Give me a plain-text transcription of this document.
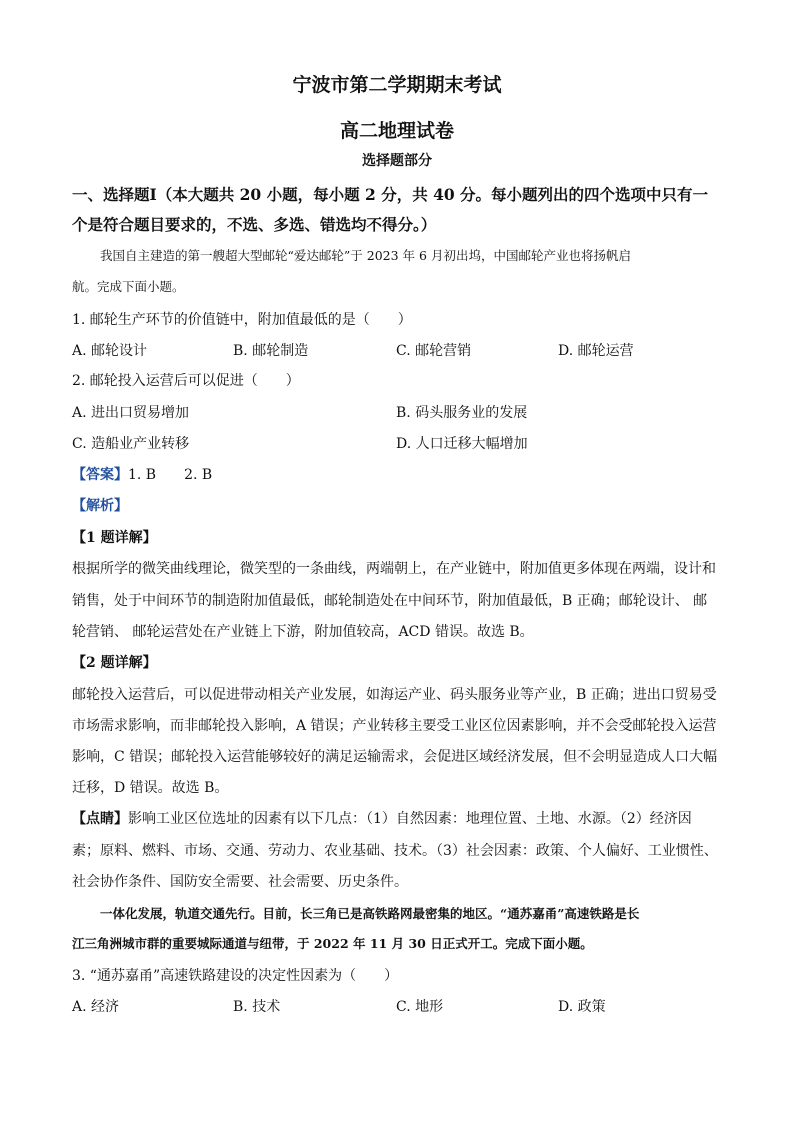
宁波市第二学期期末考试
高二地理试卷
选择题部分
一、选择题Ⅰ（本大题共 20 小题，每小题 2 分，共 40 分。每小题列出的四个选项中只有一
个是符合题目要求的，不选、多选、错选均不得分。）
我国自主建造的第一艘超大型邮轮“爱达邮轮”于 2023 年 6 月初出坞，中国邮轮产业也将扬帆启
航。完成下面小题。
1. 邮轮生产环节的价值链中，附加值最低的是（　　）
A. 邮轮设计	B. 邮轮制造	C. 邮轮营销	D. 邮轮运营
2. 邮轮投入运营后可以促进（　　）
A. 进出口贸易增加	B. 码头服务业的发展
C. 造船业产业转移	D. 人口迁移大幅增加
【答案】1. B　　2. B
【解析】
【1 题详解】
根据所学的微笑曲线理论，微笑型的一条曲线，两端朝上，在产业链中，附加值更多体现在两端，设计和
销售，处于中间环节的制造附加值最低，邮轮制造处在中间环节，附加值最低，B 正确；邮轮设计、 邮
轮营销、 邮轮运营处在产业链上下游，附加值较高，ACD 错误。故选 B。
【2 题详解】
邮轮投入运营后，可以促进带动相关产业发展，如海运产业、码头服务业等产业，B 正确；进出口贸易受
市场需求影响，而非邮轮投入影响，A 错误；产业转移主要受工业区位因素影响，并不会受邮轮投入运营
影响，C 错误；邮轮投入运营能够较好的满足运输需求，会促进区域经济发展，但不会明显造成人口大幅
迁移，D 错误。故选 B。
【点睛】影响工业区位选址的因素有以下几点：（1）自然因素：地理位置、土地、水源。（2）经济因
素；原料、燃料、市场、交通、劳动力、农业基础、技术。（3）社会因素：政策、个人偏好、工业惯性、
社会协作条件、国防安全需要、社会需要、历史条件。
一体化发展，轨道交通先行。目前，长三角已是高铁路网最密集的地区。“通苏嘉甬”高速铁路是长
江三角洲城市群的重要城际通道与纽带，于 2022 年 11 月 30 日正式开工。完成下面小题。
3. “通苏嘉甬”高速铁路建设的决定性因素为（　　）
A. 经济	B. 技术	C. 地形	D. 政策
